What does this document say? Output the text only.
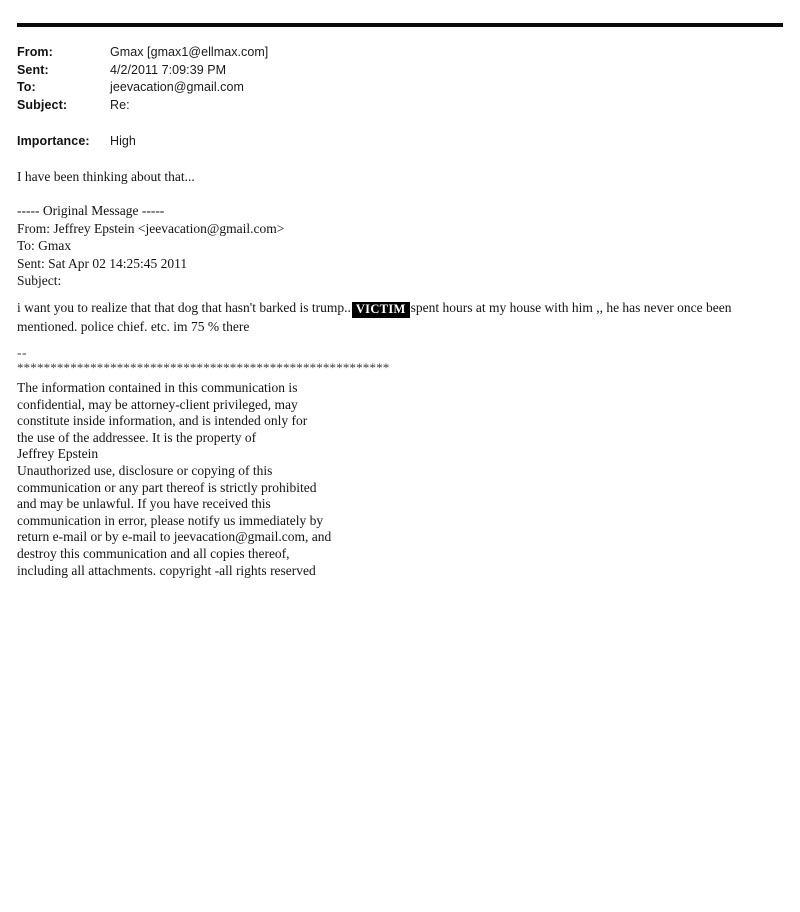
From:	Gmax [gmax1@ellmax.com]
Sent:	4/2/2011 7:09:39 PM
To:	jeevacation@gmail.com
Subject:	Re:
Importance:	High
I have been thinking about that...
----- Original Message -----
From: Jeffrey Epstein <jeevacation@gmail.com>
To: Gmax
Sent: Sat Apr 02 14:25:45 2011
Subject:
i want you to realize that that dog that hasn't barked is trump.. VICTIM spent hours at my house with him ,, he has never once been
mentioned. police chief. etc. im 75 % there
--
********************************************************
The information contained in this communication is
confidential, may be attorney-client privileged, may
constitute inside information, and is intended only for
the use of the addressee. It is the property of
Jeffrey Epstein
Unauthorized use, disclosure or copying of this
communication or any part thereof is strictly prohibited
and may be unlawful. If you have received this
communication in error, please notify us immediately by
return e-mail or by e-mail to jeevacation@gmail.com, and
destroy this communication and all copies thereof,
including all attachments. copyright -all rights reserved
